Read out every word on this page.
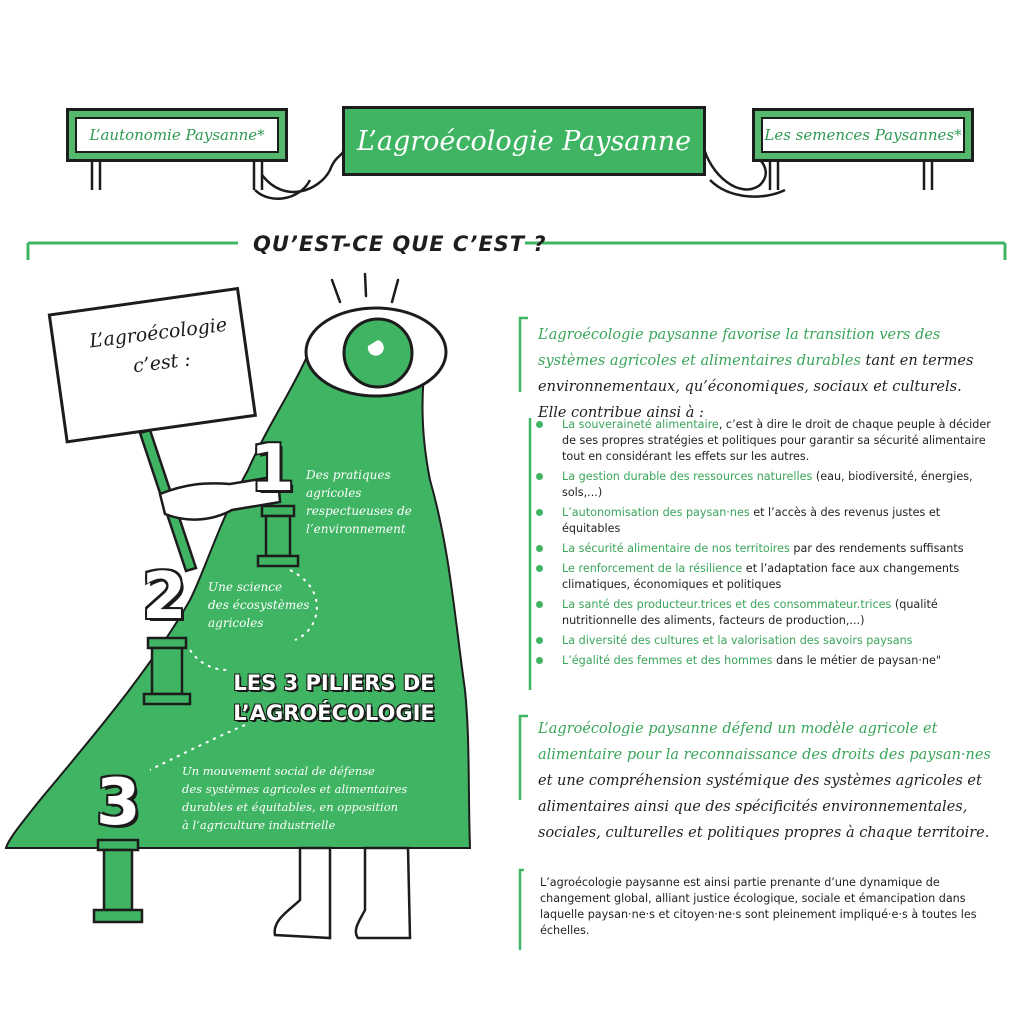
L’autonomie Paysanne*	L’agroécologie Paysanne	Les semences Paysannes*
QU’EST-CE QUE C’EST ?
L’agroécologie
c’est :
1 Des pratiques
agricoles
respectueuses de
l’environnement
2 Une science
des écosystèmes
agricoles
LES 3 PILIERS DE
L’AGROÉCOLOGIE
3	Un mouvement social de défense
des systèmes agricoles et alimentaires
durables et équitables, en opposition
à l’agriculture industrielle
L’agroécologie paysanne favorise la transition vers des systèmes agricoles et alimentaires durables tant en termes environnementaux, qu’économiques, sociaux et culturels. Elle contribue ainsi à :
La souveraineté alimentaire, c’est à dire le droit de chaque peuple à décider de ses propres stratégies et politiques pour garantir sa sécurité alimentaire tout en considérant les effets sur les autres.
La gestion durable des ressources naturelles (eau, biodiversité, énergies, sols,...)
L’autonomisation des paysan·nes et l’accès à des revenus justes et équitables
La sécurité alimentaire de nos territoires par des rendements suffisants
Le renforcement de la résilience et l’adaptation face aux changements climatiques, économiques et politiques
La santé des producteur.trices et des consommateur.trices (qualité nutritionnelle des aliments, facteurs de production,...)
La diversité des cultures et la valorisation des savoirs paysans
L’égalité des femmes et des hommes dans le métier de paysan·ne"
L’agroécologie paysanne défend un modèle agricole et alimentaire pour la reconnaissance des droits des paysan·nes et une compréhension systémique des systèmes agricoles et alimentaires ainsi que des spécificités environnementales, sociales, culturelles et politiques propres à chaque territoire.
L’agroécologie paysanne est ainsi partie prenante d’une dynamique de changement global, alliant justice écologique, sociale et émancipation dans laquelle paysan·ne·s et citoyen·ne·s sont pleinement impliqué·e·s à toutes les échelles.
